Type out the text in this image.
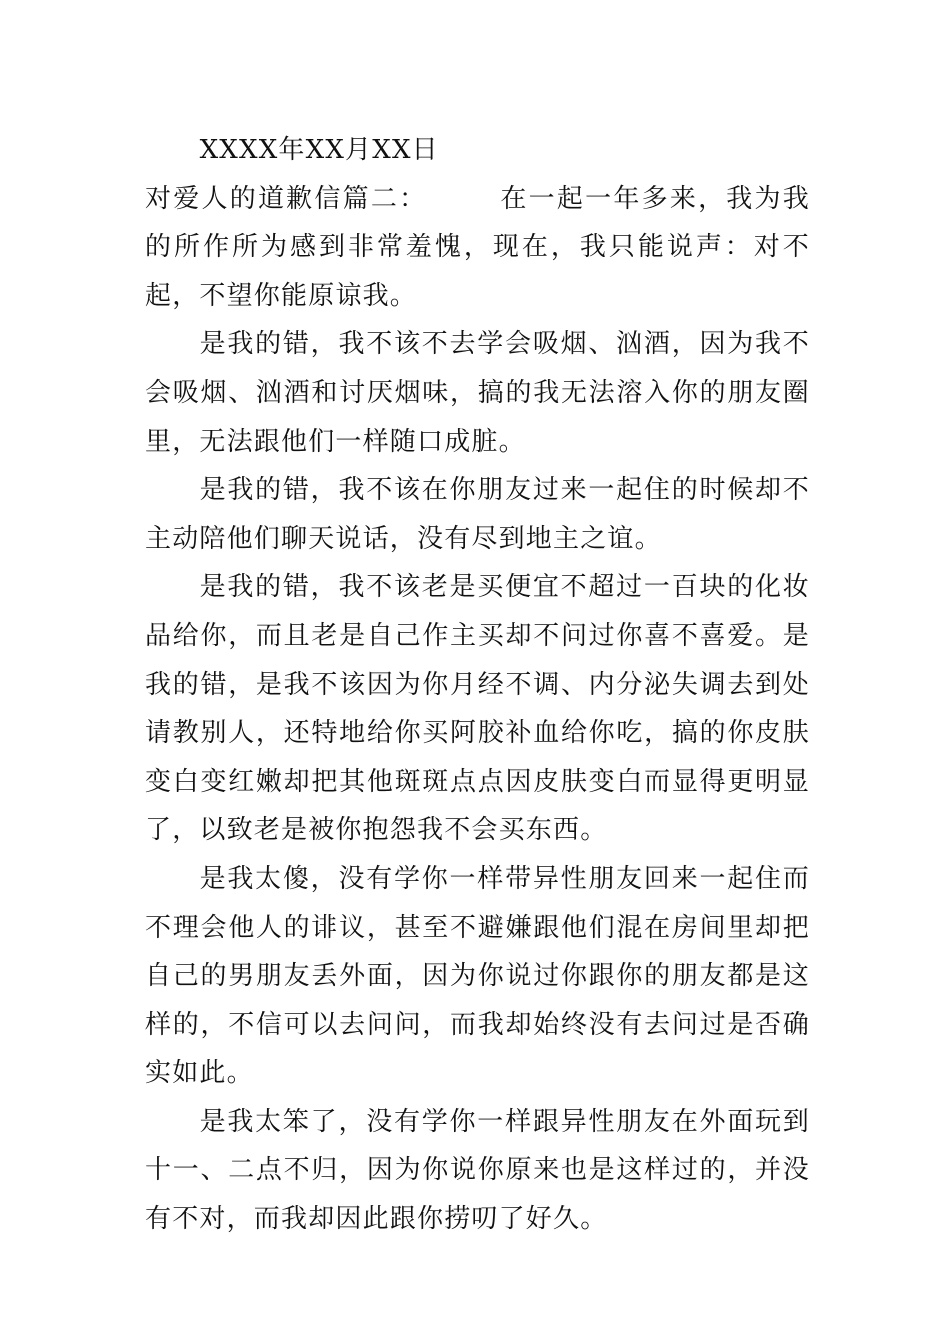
XXXX年XX月XX日

对爱人的道歉信篇二：	在一起一年多来，我为我的所作所为感到非常羞愧，现在，我只能说声：对不起，不望你能原谅我。

是我的错，我不该不去学会吸烟、汹酒，因为我不会吸烟、汹酒和讨厌烟味，搞的我无法溶入你的朋友圈里，无法跟他们一样随口成脏。

是我的错，我不该在你朋友过来一起住的时候却不主动陪他们聊天说话，没有尽到地主之谊。

是我的错，我不该老是买便宜不超过一百块的化妆品给你，而且老是自己作主买却不问过你喜不喜爱。是我的错，是我不该因为你月经不调、内分泌失调去到处请教别人，还特地给你买阿胶补血给你吃，搞的你皮肤变白变红嫩却把其他斑斑点点因皮肤变白而显得更明显了，以致老是被你抱怨我不会买东西。

是我太傻，没有学你一样带异性朋友回来一起住而不理会他人的诽议，甚至不避嫌跟他们混在房间里却把自己的男朋友丢外面，因为你说过你跟你的朋友都是这样的，不信可以去问问，而我却始终没有去问过是否确实如此。

是我太笨了，没有学你一样跟异性朋友在外面玩到十一、二点不归，因为你说你原来也是这样过的，并没有不对，而我却因此跟你捞叨了好久。
